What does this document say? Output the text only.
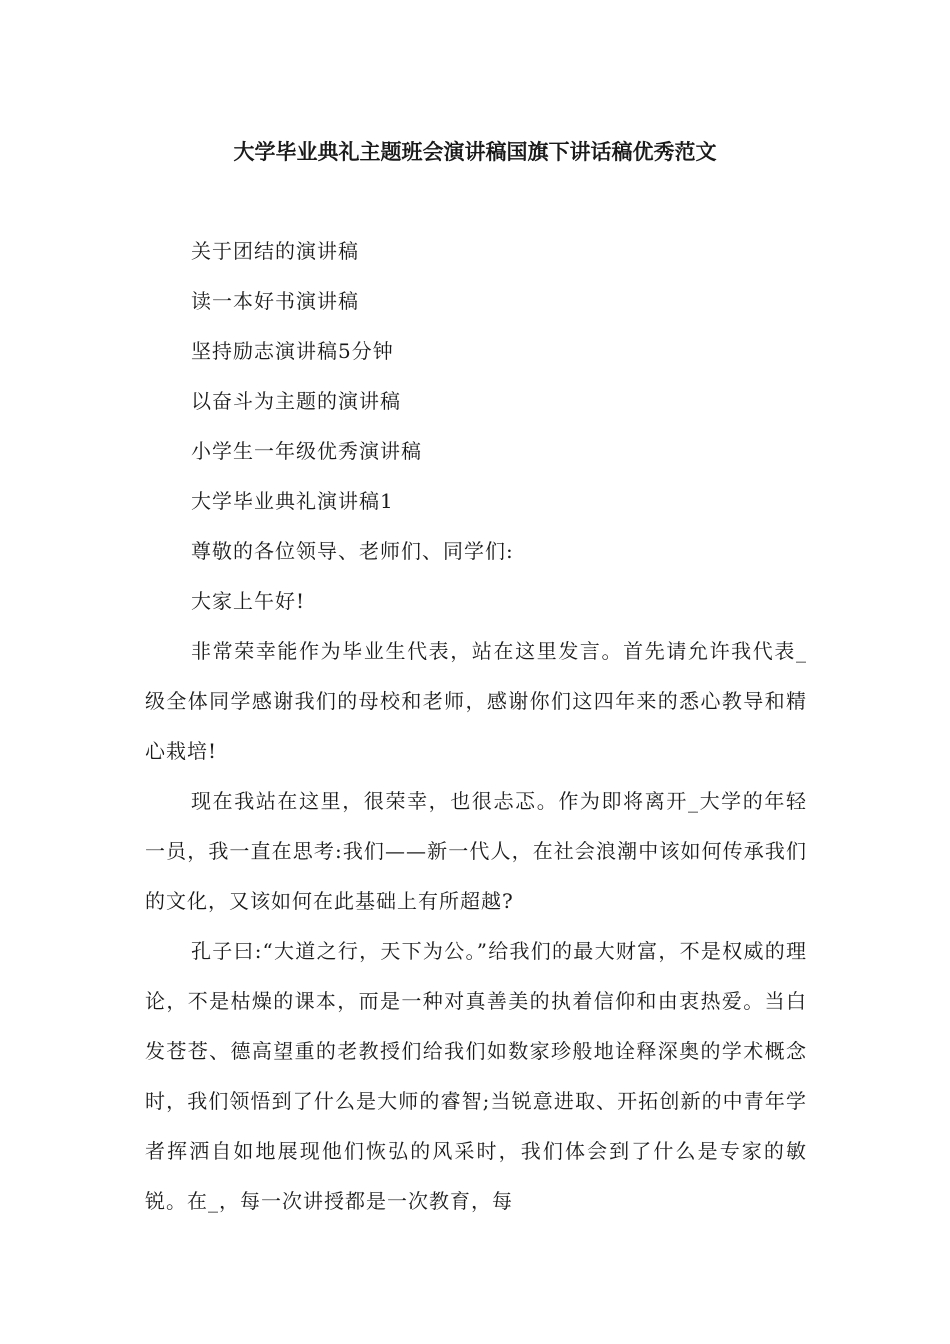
大学毕业典礼主题班会演讲稿国旗下讲话稿优秀范文

关于团结的演讲稿

读一本好书演讲稿

坚持励志演讲稿5分钟

以奋斗为主题的演讲稿

小学生一年级优秀演讲稿

大学毕业典礼演讲稿1

尊敬的各位领导、老师们、同学们:

大家上午好!

非常荣幸能作为毕业生代表，站在这里发言。首先请允许我代表_级全体同学感谢我们的母校和老师，感谢你们这四年来的悉心教导和精心栽培!

现在我站在这里，很荣幸，也很忐忑。作为即将离开_大学的年轻一员，我一直在思考:我们——新一代人，在社会浪潮中该如何传承我们的文化，又该如何在此基础上有所超越?

孔子曰:“大道之行，天下为公。”给我们的最大财富，不是权威的理论，不是枯燥的课本，而是一种对真善美的执着信仰和由衷热爱。当白发苍苍、德高望重的老教授们给我们如数家珍般地诠释深奥的学术概念时，我们领悟到了什么是大师的睿智;当锐意进取、开拓创新的中青年学者挥洒自如地展现他们恢弘的风采时，我们体会到了什么是专家的敏锐。在_，每一次讲授都是一次教育，每
